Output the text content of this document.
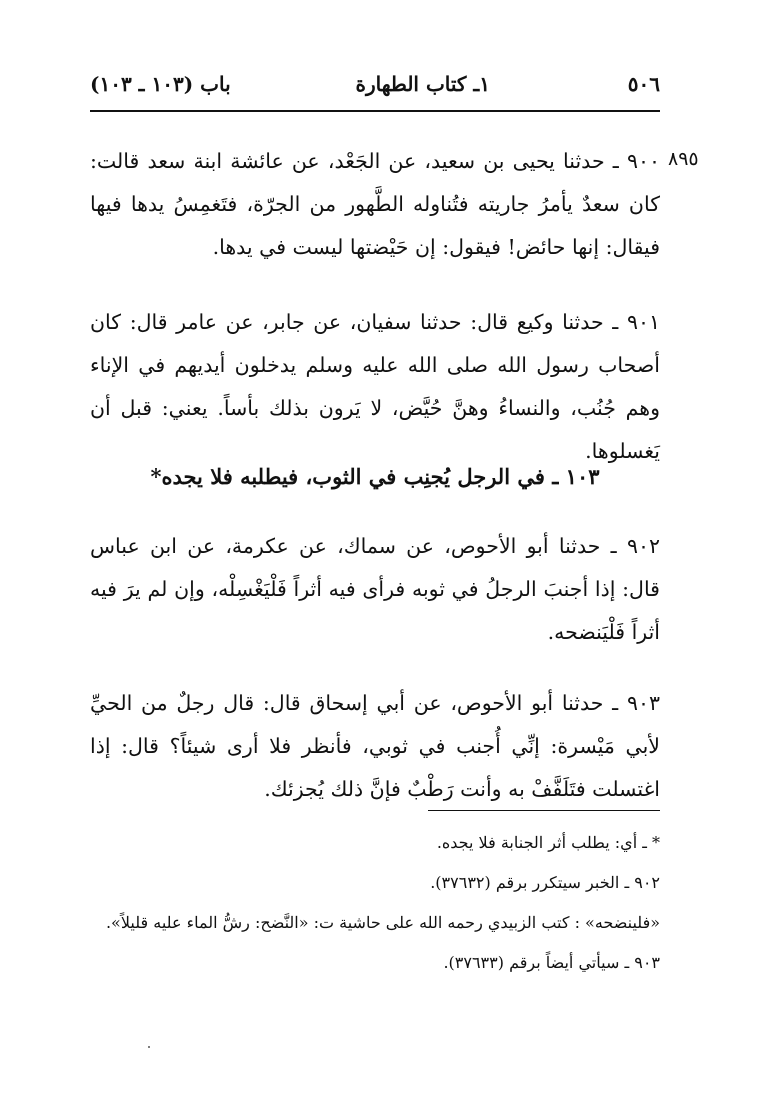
٥٠٦
١ـ كتاب الطهارة
باب (١٠٣ ـ ١٠٣)
٨٩٥

٩٠٠ ـ حدثنا يحيى بن سعيد، عن الجَعْد، عن عائشة ابنة سعد قالت: كان سعدٌ يأمرُ جاريته فتُناوله الطَّهور من الجرّة، فتَغمِسُ يدها فيها فيقال: إنها حائض! فيقول: إن حَيْضتها ليست في يدها.

٩٠١ ـ حدثنا وكيع قال: حدثنا سفيان، عن جابر، عن عامر قال: كان أصحاب رسول الله صلى الله عليه وسلم يدخلون أيديهم في الإناء وهم جُنُب، والنساءُ وهنَّ حُيَّض، لا يَرون بذلك بأساً. يعني: قبل أن يَغسلوها.

١٠٣ ـ في الرجل يُجنِب في الثوب، فيطلبه فلا يجده*

٩٠٢ ـ حدثنا أبو الأحوص، عن سماك، عن عكرمة، عن ابن عباس قال: إذا أجنبَ الرجلُ في ثوبه فرأى فيه أثراً فَلْيَغْسِلْه، وإن لم يرَ فيه أثراً فَلْيَنضحه.

٩٠٣ ـ حدثنا أبو الأحوص، عن أبي إسحاق قال: قال رجلٌ من الحيِّ لأبي مَيْسرة: إنِّي أُجنب في ثوبي، فأنظر فلا أرى شيئاً؟ قال: إذا اغتسلت فتَلَفَّفْ به وأنت رَطْبٌ فإنَّ ذلك يُجزئك.

* ـ أي: يطلب أثر الجنابة فلا يجده.

٩٠٢ ـ الخبر سيتكرر برقم (٣٧٦٣٢).

«فلينضحه» : كتب الزبيدي رحمه الله على حاشية ت: «النَّضح: رشُّ الماء عليه قليلاً».

٩٠٣ ـ سيأتي أيضاً برقم (٣٧٦٣٣).
